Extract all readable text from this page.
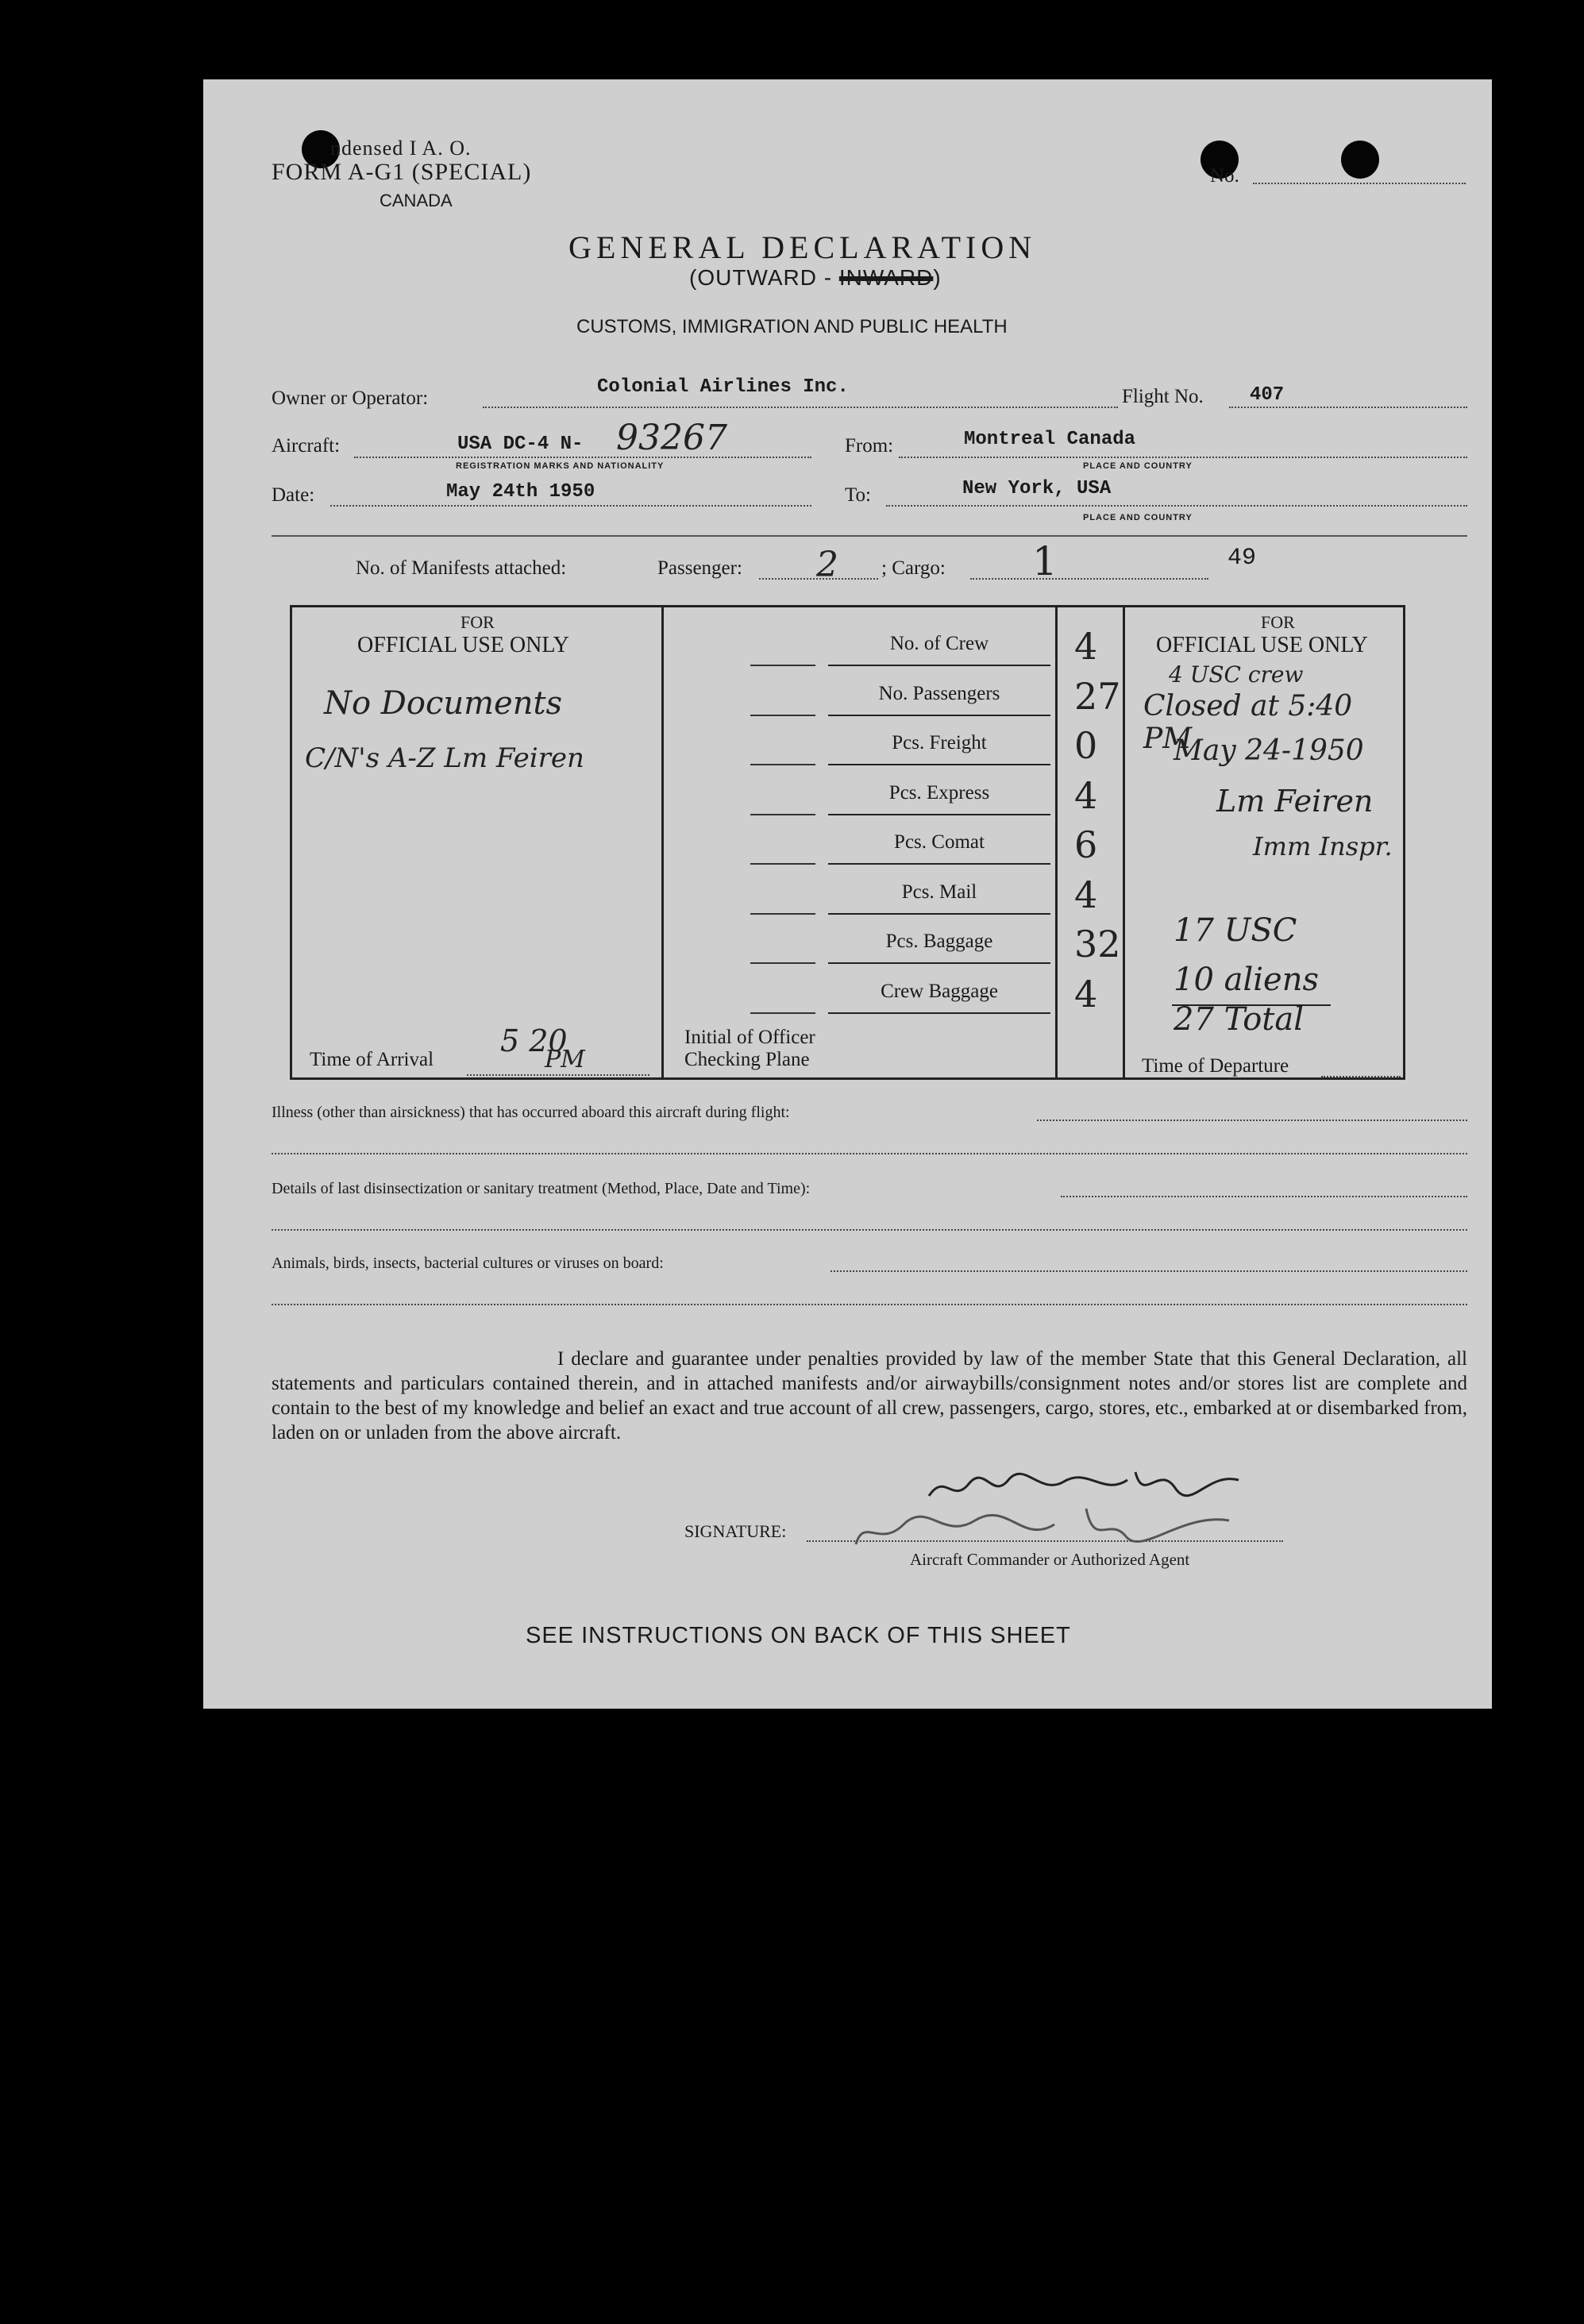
ndensed I A. O.
FORM A-G1 (SPECIAL)
CANADA
No.
GENERAL DECLARATION
(OUTWARD - INWARD)
CUSTOMS, IMMIGRATION AND PUBLIC HEALTH
Owner or Operator:
Colonial Airlines Inc.	Flight No. 407
Aircraft:	USA DC-4 N- 93267
REGISTRATION MARKS AND NATIONALITY
From:	Montreal Canada
PLACE AND COUNTRY
Date:	May 24th 1950	To:	New York, USA
PLACE AND COUNTRY
No. of Manifests attached:	Passenger: 2 ; Cargo: 1	49
FOR
OFFICIAL USE ONLY
No Documents
C/N's A-Z Lm Feiren
Time of Arrival
5 20
PM
Initial of Officer
Checking Plane
FOR
OFFICIAL USE ONLY
4 USC crew
Closed at 5:40 PM
May 24-1950
Lm Feiren
Imm Inspr.
17 USC
10 aliens
27 Total
Time of Departure
No. of Crew	4
No. Passengers	27
Pcs. Freight	0
Pcs. Express	4
Pcs. Comat	6
Pcs. Mail	4
Pcs. Baggage	32
Crew Baggage	4
Illness (other than airsickness) that has occurred aboard this aircraft during flight:
Details of last disinsectization or sanitary treatment (Method, Place, Date and Time):
Animals, birds, insects, bacterial cultures or viruses on board:
I declare and guarantee under penalties provided by law of the member State that this General Declaration, all statements and particulars contained therein, and in attached manifests and/or airwaybills/consignment notes and/or stores list are complete and contain to the best of my knowledge and belief an exact and true account of all crew, passengers, cargo, stores, etc., embarked at or disembarked from, laden on or unladen from the above aircraft.
SIGNATURE:
Aircraft Commander or Authorized Agent
SEE INSTRUCTIONS ON BACK OF THIS SHEET
